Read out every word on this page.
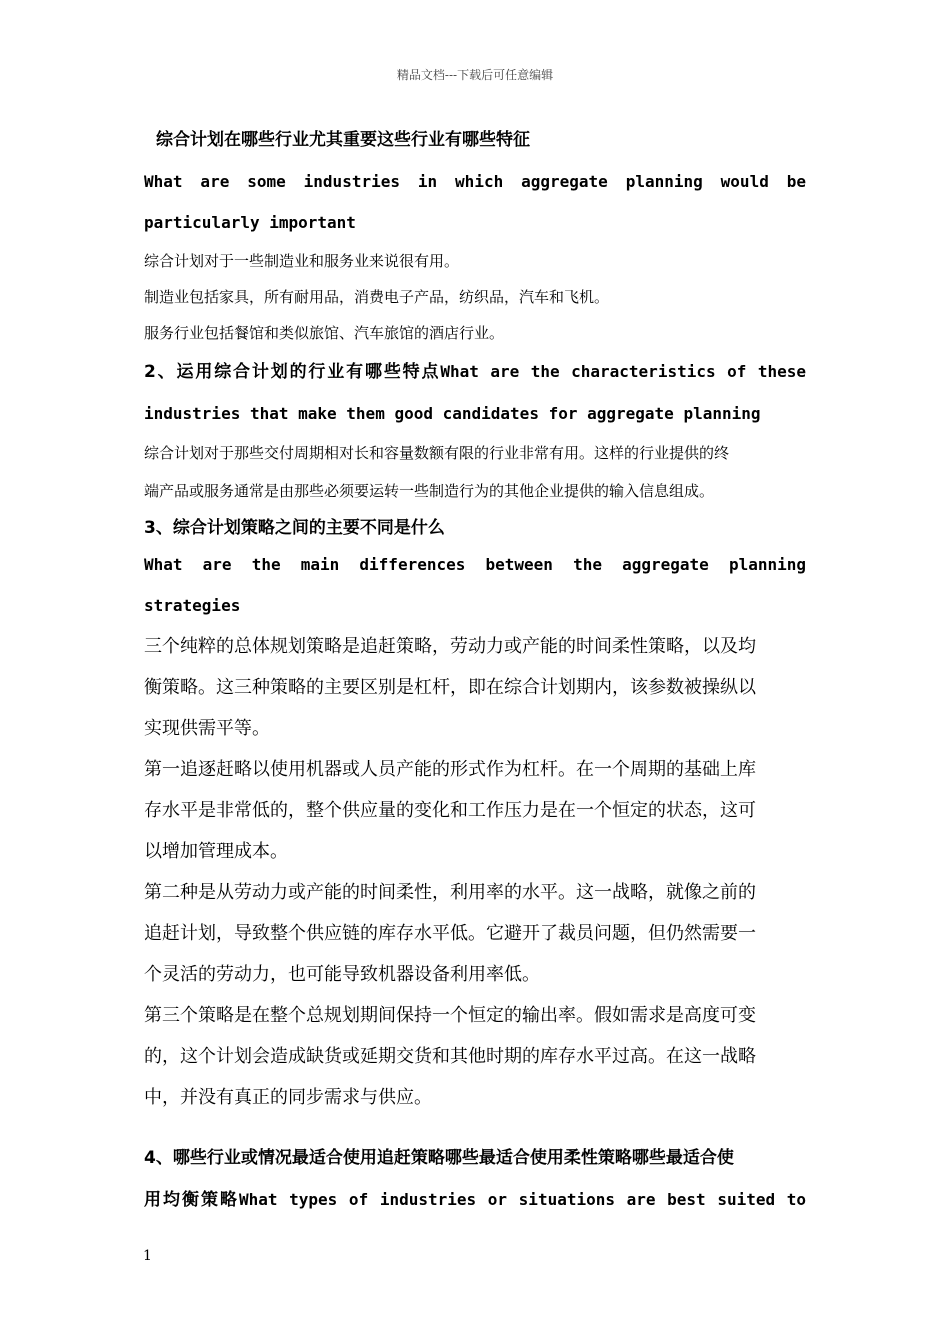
精品文档---下载后可任意编辑

综合计划在哪些行业尤其重要这些行业有哪些特征

What are some industries in which aggregate planning would be
particularly important

综合计划对于一些制造业和服务业来说很有用。

制造业包括家具，所有耐用品，消费电子产品，纺织品，汽车和飞机。

服务行业包括餐馆和类似旅馆、汽车旅馆的酒店行业。

2、运用综合计划的行业有哪些特点What are the characteristics of these

industries that make them good candidates for aggregate planning

综合计划对于那些交付周期相对长和容量数额有限的行业非常有用。这样的行业提供的终

端产品或服务通常是由那些必须要运转一些制造行为的其他企业提供的输入信息组成。

3、综合计划策略之间的主要不同是什么

What are the main differences between the aggregate planning
strategies

三个纯粹的总体规划策略是追赶策略，劳动力或产能的时间柔性策略，以及均

衡策略。这三种策略的主要区别是杠杆，即在综合计划期内，该参数被操纵以

实现供需平等。

第一追逐赶略以使用机器或人员产能的形式作为杠杆。在一个周期的基础上库

存水平是非常低的，整个供应量的变化和工作压力是在一个恒定的状态，这可

以增加管理成本。

第二种是从劳动力或产能的时间柔性，利用率的水平。这一战略，就像之前的

追赶计划，导致整个供应链的库存水平低。它避开了裁员问题，但仍然需要一

个灵活的劳动力，也可能导致机器设备利用率低。

第三个策略是在整个总规划期间保持一个恒定的输出率。假如需求是高度可变

的，这个计划会造成缺货或延期交货和其他时期的库存水平过高。在这一战略

中，并没有真正的同步需求与供应。

4、哪些行业或情况最适合使用追赶策略哪些最适合使用柔性策略哪些最适合使

用均衡策略What types of industries or situations are best suited to

1
